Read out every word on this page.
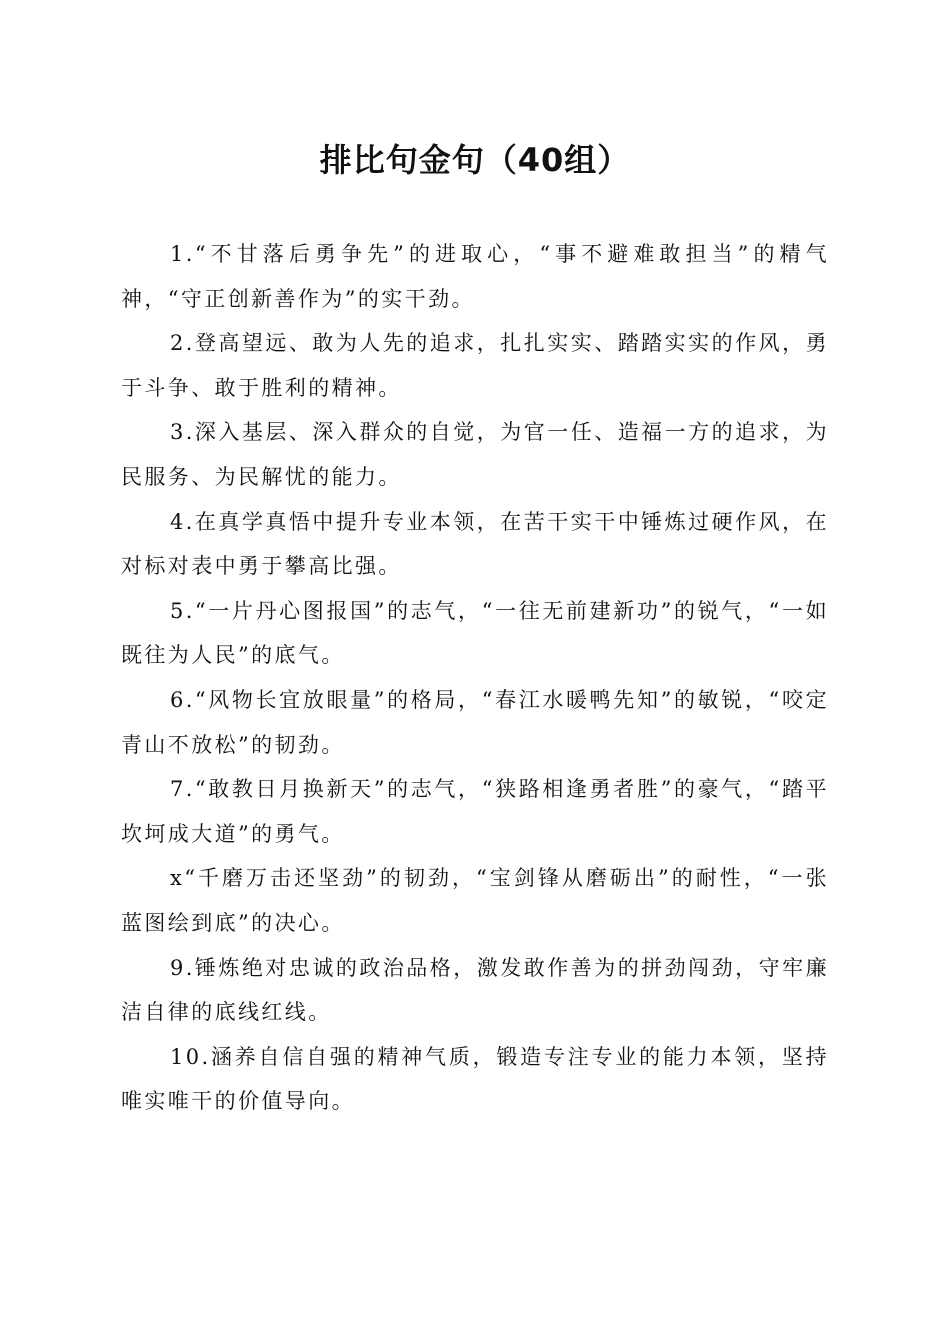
排比句金句（40组）

1.“不甘落后勇争先”的进取心，“事不避难敢担当”的精气神，“守正创新善作为”的实干劲。

2.登高望远、敢为人先的追求，扎扎实实、踏踏实实的作风，勇于斗争、敢于胜利的精神。

3.深入基层、深入群众的自觉，为官一任、造福一方的追求，为民服务、为民解忧的能力。

4.在真学真悟中提升专业本领，在苦干实干中锤炼过硬作风，在对标对表中勇于攀高比强。

5.“一片丹心图报国”的志气，“一往无前建新功”的锐气，“一如既往为人民”的底气。

6.“风物长宜放眼量”的格局，“春江水暖鸭先知”的敏锐，“咬定青山不放松”的韧劲。

7.“敢教日月换新天”的志气，“狭路相逢勇者胜”的豪气，“踏平坎坷成大道”的勇气。

x“千磨万击还坚劲”的韧劲，“宝剑锋从磨砺出”的耐性，“一张蓝图绘到底”的决心。

9.锤炼绝对忠诚的政治品格，激发敢作善为的拼劲闯劲，守牢廉洁自律的底线红线。

10.涵养自信自强的精神气质，锻造专注专业的能力本领，坚持唯实唯干的价值导向。
